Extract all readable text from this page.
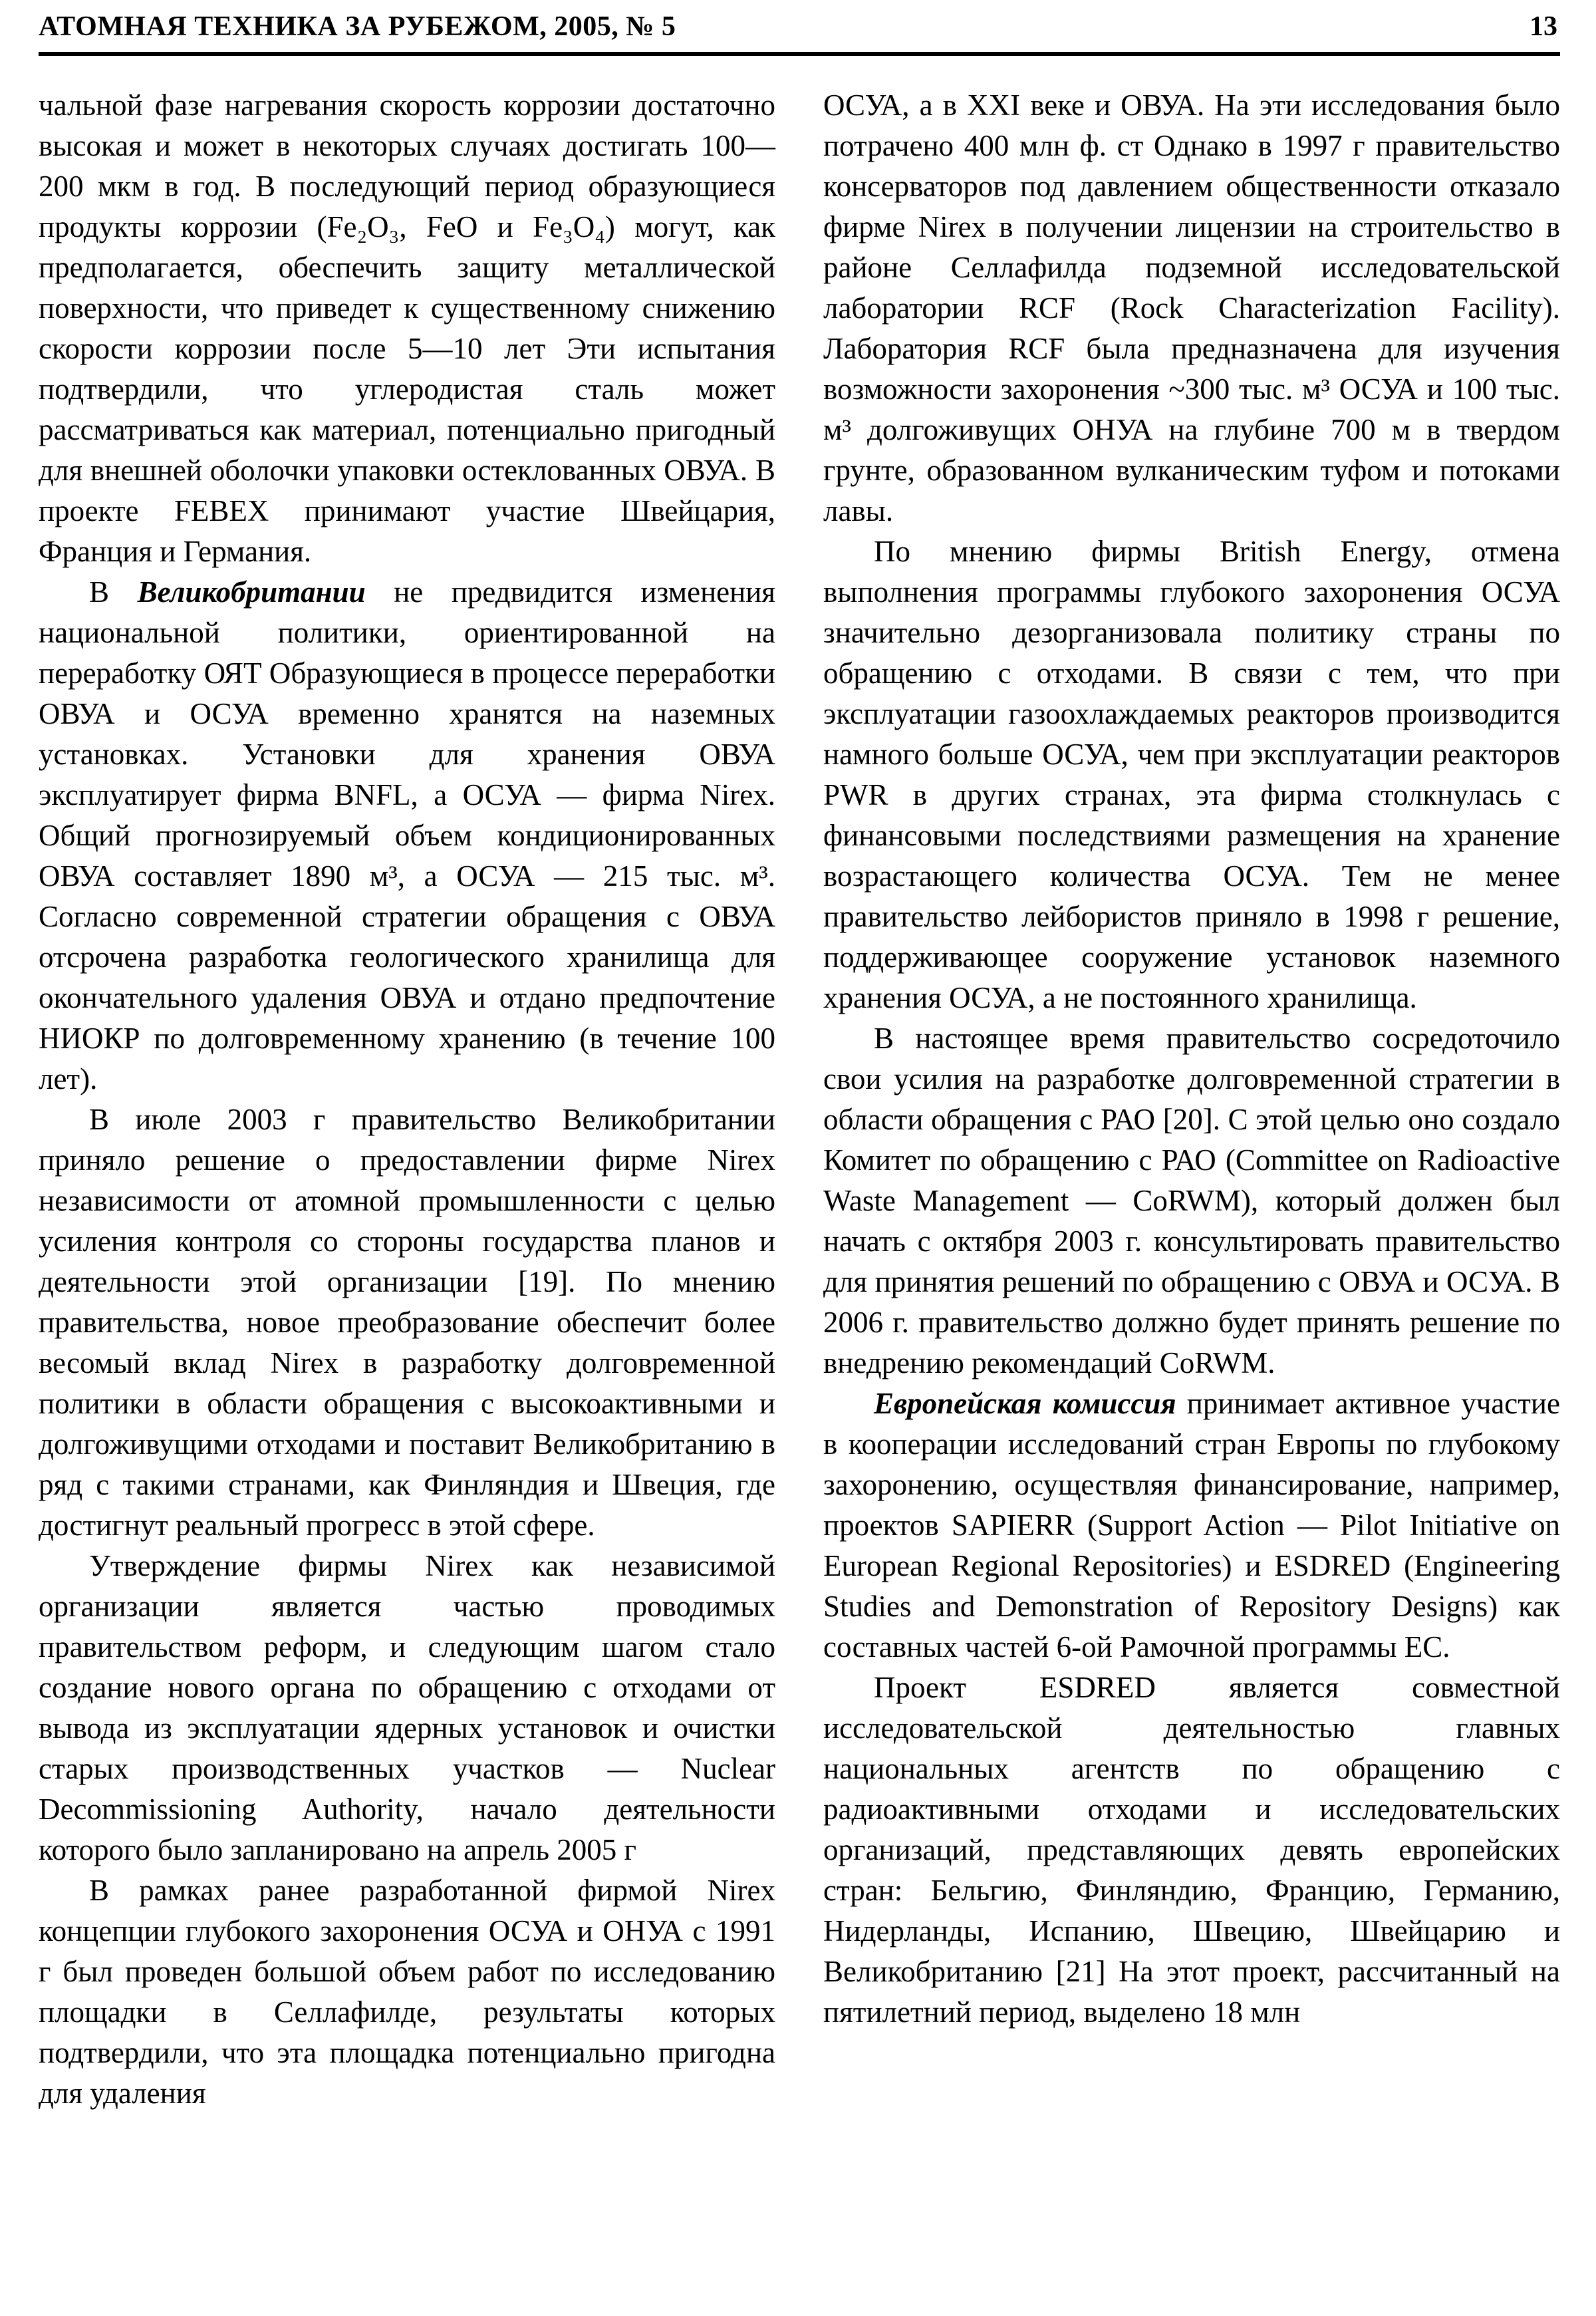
АТОМНАЯ ТЕХНИКА ЗА РУБЕЖОМ, 2005, № 5	13

чальной фазе нагревания скорость коррозии достаточно высокая и может в некоторых случаях достигать 100—200 мкм в год. В последующий период образующиеся продукты коррозии (Fe₂O₃, FeO и Fe₃O₄) могут, как предполагается, обеспечить защиту металлической поверхности, что приведет к существенному снижению скорости коррозии после 5—10 лет Эти испытания подтвердили, что углеродистая сталь может рассматриваться как материал, потенциально пригодный для внешней оболочки упаковки остеклованных ОВУА. В проекте FEBEX принимают участие Швейцария, Франция и Германия.

В Великобритании не предвидится изменения национальной политики, ориентированной на переработку ОЯТ Образующиеся в процессе переработки ОВУА и ОСУА временно хранятся на наземных установках. Установки для хранения ОВУА эксплуатирует фирма BNFL, а ОСУА — фирма Nirex. Общий прогнозируемый объем кондиционированных ОВУА составляет 1890 м³, а ОСУА — 215 тыс. м³. Согласно современной стратегии обращения с ОВУА отсрочена разработка геологического хранилища для окончательного удаления ОВУА и отдано предпочтение НИОКР по долговременному хранению (в течение 100 лет).

В июле 2003 г правительство Великобритании приняло решение о предоставлении фирме Nirex независимости от атомной промышленности с целью усиления контроля со стороны государства планов и деятельности этой организации [19]. По мнению правительства, новое преобразование обеспечит более весомый вклад Nirex в разработку долговременной политики в области обращения с высокоактивными и долгоживущими отходами и поставит Великобританию в ряд с такими странами, как Финляндия и Швеция, где достигнут реальный прогресс в этой сфере.

Утверждение фирмы Nirex как независимой организации является частью проводимых правительством реформ, и следующим шагом стало создание нового органа по обращению с отходами от вывода из эксплуатации ядерных установок и очистки старых производственных участков — Nuclear Decommissioning Authority, начало деятельности которого было запланировано на апрель 2005 г

В рамках ранее разработанной фирмой Nirex концепции глубокого захоронения ОСУА и ОНУА с 1991 г был проведен большой объем работ по исследованию площадки в Селлафилде, результаты которых подтвердили, что эта площадка потенциально пригодна для удаления

ОСУА, а в XXI веке и ОВУА. На эти исследования было потрачено 400 млн ф. ст Однако в 1997 г правительство консерваторов под давлением общественности отказало фирме Nirex в получении лицензии на строительство в районе Селлафилда подземной исследовательской лаборатории RCF (Rock Characterization Facility). Лаборатория RCF была предназначена для изучения возможности захоронения ~300 тыс. м³ ОСУА и 100 тыс. м³ долгоживущих ОНУА на глубине 700 м в твердом грунте, образованном вулканическим туфом и потоками лавы.

По мнению фирмы British Energy, отмена выполнения программы глубокого захоронения ОСУА значительно дезорганизовала политику страны по обращению с отходами. В связи с тем, что при эксплуатации газоохлаждаемых реакторов производится намного больше ОСУА, чем при эксплуатации реакторов PWR в других странах, эта фирма столкнулась с финансовыми последствиями размещения на хранение возрастающего количества ОСУА. Тем не менее правительство лейбористов приняло в 1998 г решение, поддерживающее сооружение установок наземного хранения ОСУА, а не постоянного хранилища.

В настоящее время правительство сосредоточило свои усилия на разработке долговременной стратегии в области обращения с РАО [20]. С этой целью оно создало Комитет по обращению с РАО (Committee on Radioactive Waste Management — CoRWM), который должен был начать с октября 2003 г. консультировать правительство для принятия решений по обращению с ОВУА и ОСУА. В 2006 г. правительство должно будет принять решение по внедрению рекомендаций CoRWM.

Европейская комиссия принимает активное участие в кооперации исследований стран Европы по глубокому захоронению, осуществляя финансирование, например, проектов SAPIERR (Support Action — Pilot Initiative on European Regional Repositories) и ESDRED (Engineering Studies and Demonstration of Repository Designs) как составных частей 6-ой Рамочной программы ЕС.

Проект ESDRED является совместной исследовательской деятельностью главных национальных агентств по обращению с радиоактивными отходами и исследовательских организаций, представляющих девять европейских стран: Бельгию, Финляндию, Францию, Германию, Нидерланды, Испанию, Швецию, Швейцарию и Великобританию [21] На этот проект, рассчитанный на пятилетний период, выделено 18 млн
